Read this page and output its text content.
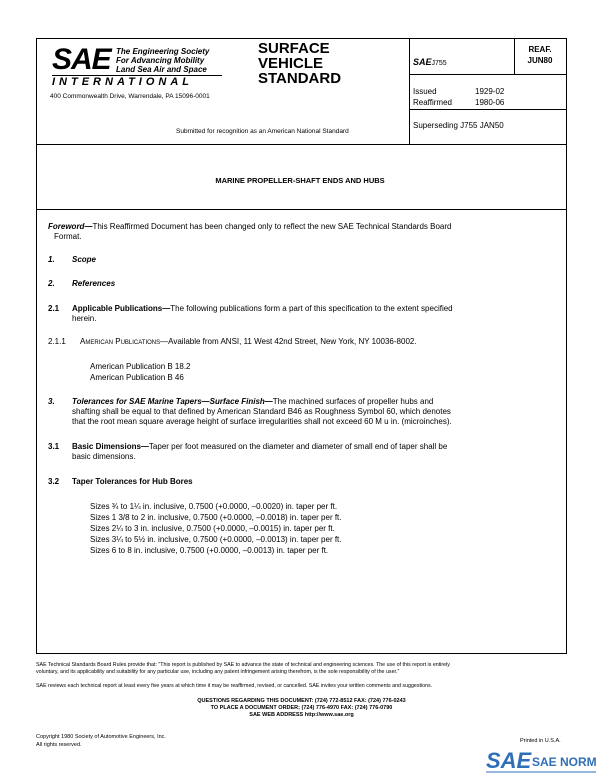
SAE The Engineering Society
For Advancing Mobility
Land Sea Air and Space
INTERNATIONAL
400 Commonwealth Drive, Warrendale, PA 15096-0001
SURFACE
VEHICLE
STANDARD
Submitted for recognition as an American National Standard
SAEJ755
REAF.
JUN80
Issued	1929-02
Reaffirmed	1980-06
Superseding J755 JAN50
MARINE PROPELLER-SHAFT ENDS AND HUBS
Foreword—This Reaffirmed Document has been changed only to reflect the new SAE Technical Standards Board
Format.
1. Scope
2. References
2.1 Applicable Publications—The following publications form a part of this specification to the extent specified
herein.
2.1.1 American Publications—Available from ANSI, 11 West 42nd Street, New York, NY 10036-8002.
American Publication B 18.2
American Publication B 46
3. Tolerances for SAE Marine Tapers—Surface Finish—The machined surfaces of propeller hubs and
shafting shall be equal to that defined by American Standard B46 as Roughness Symbol 60, which denotes
that the root mean square average height of surface irregularities shall not exceed 60 M u in. (microinches).
3.1 Basic Dimensions—Taper per foot measured on the diameter and diameter of small end of taper shall be
basic dimensions.
3.2 Taper Tolerances for Hub Bores
Sizes ¾ to 1¼ in. inclusive, 0.7500 (+0.0000, –0.0020) in. taper per ft.
Sizes 1 3/8 to 2 in. inclusive, 0.7500 (+0.0000, –0.0018) in. taper per ft.
Sizes 2¼ to 3 in. inclusive, 0.7500 (+0.0000, –0.0015) in. taper per ft.
Sizes 3¼ to 5½ in. inclusive, 0.7500 (+0.0000, –0.0013) in. taper per ft.
Sizes 6 to 8 in. inclusive, 0.7500 (+0.0000, –0.0013) in. taper per ft.
SAE Technical Standards Board Rules provide that: "This report is published by SAE to advance the state of technical and engineering sciences. The use of this report is entirely
voluntary, and its applicability and suitability for any particular use, including any patent infringement arising therefrom, is the sole responsibility of the user."
SAE reviews each technical report at least every five years at which time it may be reaffirmed, revised, or cancelled. SAE invites your written comments and suggestions.
QUESTIONS REGARDING THIS DOCUMENT: (724) 772-8512 FAX: (724) 776-0243
TO PLACE A DOCUMENT ORDER; (724) 776-4970 FAX: (724) 776-0790
SAE WEB ADDRESS http://www.sae.org
Copyright 1980 Society of Automotive Engineers, Inc.
All rights reserved.
Printed in U.S.A.
SAE SAE NORM
